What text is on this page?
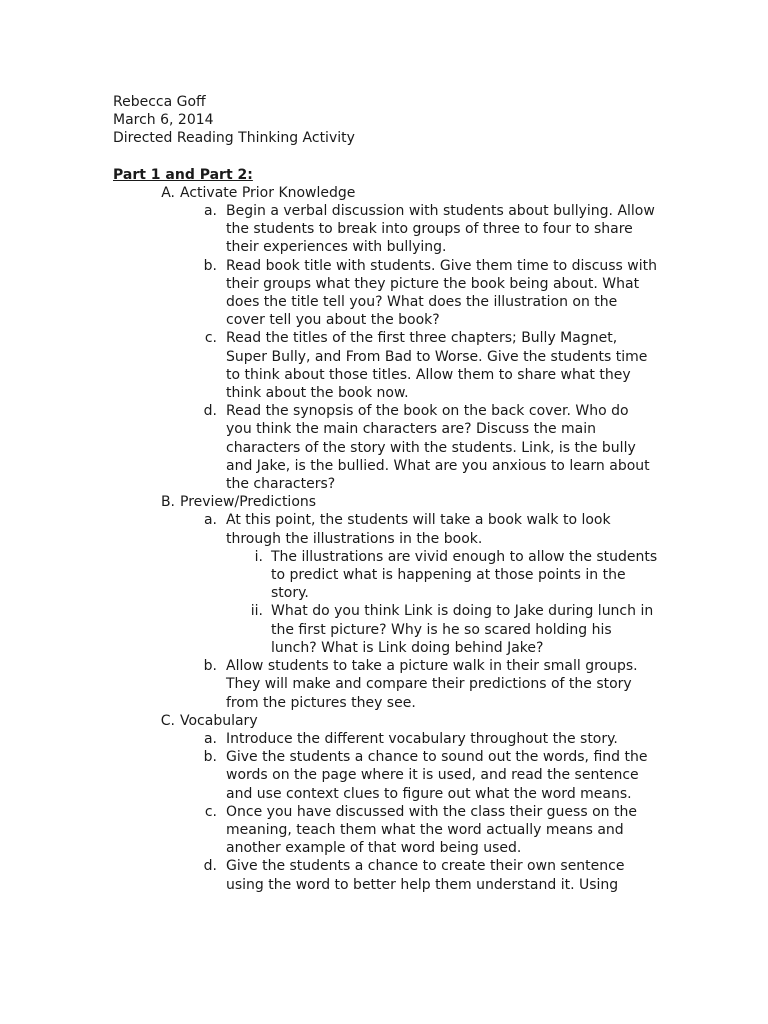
Rebecca Goff
March 6, 2014
Directed Reading Thinking Activity
Part 1 and Part 2:
A. Activate Prior Knowledge
a. Begin a verbal discussion with students about bullying. Allow the students to break into groups of three to four to share their experiences with bullying.
b. Read book title with students. Give them time to discuss with their groups what they picture the book being about. What does the title tell you? What does the illustration on the cover tell you about the book?
c. Read the titles of the first three chapters; Bully Magnet, Super Bully, and From Bad to Worse. Give the students time to think about those titles. Allow them to share what they think about the book now.
d. Read the synopsis of the book on the back cover. Who do you think the main characters are? Discuss the main characters of the story with the students. Link, is the bully and Jake, is the bullied. What are you anxious to learn about the characters?
B. Preview/Predictions
a. At this point, the students will take a book walk to look through the illustrations in the book.
i. The illustrations are vivid enough to allow the students to predict what is happening at those points in the story.
ii. What do you think Link is doing to Jake during lunch in the first picture? Why is he so scared holding his lunch? What is Link doing behind Jake?
b. Allow students to take a picture walk in their small groups. They will make and compare their predictions of the story from the pictures they see.
C. Vocabulary
a. Introduce the different vocabulary throughout the story.
b. Give the students a chance to sound out the words, find the words on the page where it is used, and read the sentence and use context clues to figure out what the word means.
c. Once you have discussed with the class their guess on the meaning, teach them what the word actually means and another example of that word being used.
d. Give the students a chance to create their own sentence using the word to better help them understand it. Using
